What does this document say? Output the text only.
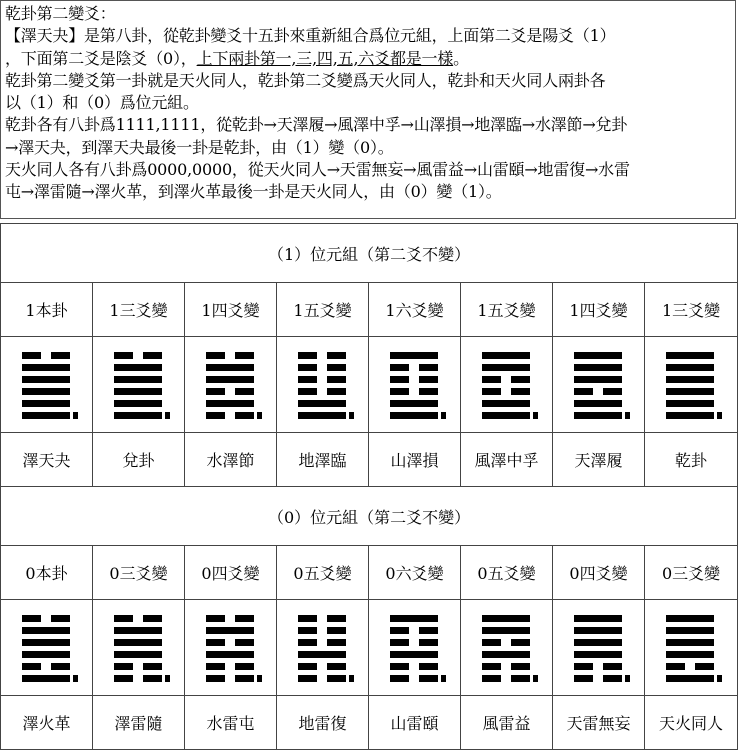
乾卦第二變爻：
【澤天夬】是第八卦，從乾卦變爻十五卦來重新組合爲位元組，上面第二爻是陽爻（1）
，下面第二爻是陰爻（0），上下兩卦第一,三,四,五,六爻都是一樣。
乾卦第二變爻第一卦就是天火同人，乾卦第二爻變爲天火同人，乾卦和天火同人兩卦各
以（1）和（0）爲位元組。
乾卦各有八卦爲1111,1111，從乾卦→天澤履→風澤中孚→山澤損→地澤臨→水澤節→兌卦
→澤天夬，到澤天夬最後一卦是乾卦，由（1）變（0）。
天火同人各有八卦爲0000,0000，從天火同人→天雷無妄→風雷益→山雷頤→地雷復→水雷
屯→澤雷隨→澤火革，到澤火革最後一卦是天火同人，由（0）變（1）。
（1）位元組（第二爻不變）							
1本卦	1三爻變	1四爻變	1五爻變	1六爻變	1五爻變	1四爻變	1三爻變

澤天夬	兌卦	水澤節	地澤臨	山澤損	風澤中孚	天澤履	乾卦
（0）位元組（第二爻不變）							
0本卦	0三爻變	0四爻變	0五爻變	0六爻變	0五爻變	0四爻變	0三爻變

澤火革	澤雷隨	水雷屯	地雷復	山雷頤	風雷益	天雷無妄	天火同人
